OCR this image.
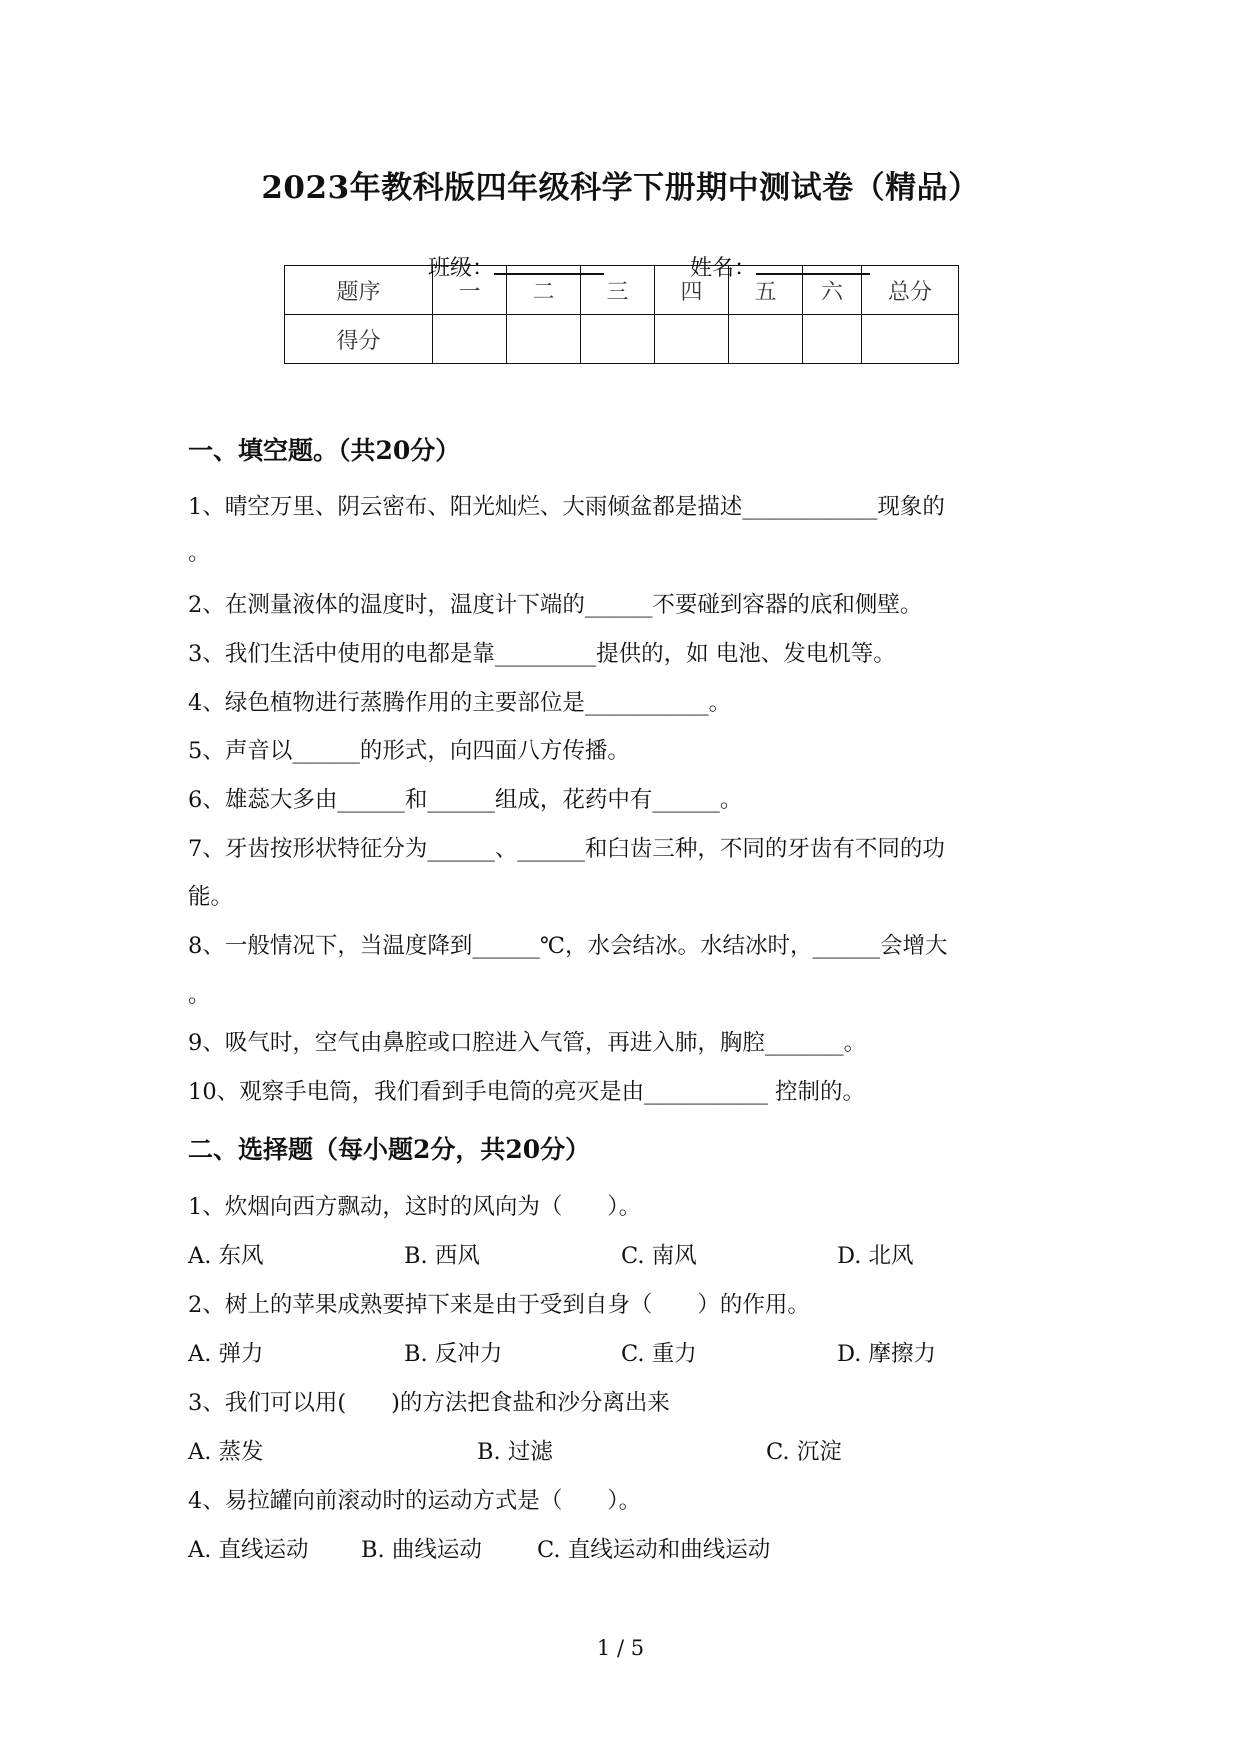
2023年教科版四年级科学下册期中测试卷（精品）

班级：	姓名：

题序	一	二	三	四	五	六	总分
得分							
一、填空题。（共20分）
1、晴空万里、阴云密布、阳光灿烂、大雨倾盆都是描述____________现象的
。
2、在测量液体的温度时，温度计下端的______不要碰到容器的底和侧壁。
3、我们生活中使用的电都是靠_________提供的，如 电池、发电机等。
4、绿色植物进行蒸腾作用的主要部位是___________。
5、声音以______的形式，向四面八方传播。
6、雄蕊大多由______和______组成，花药中有______。
7、牙齿按形状特征分为______、______和臼齿三种，不同的牙齿有不同的功
能。
8、一般情况下，当温度降到______℃，水会结冰。水结冰时，______会增大
。
9、吸气时，空气由鼻腔或口腔进入气管，再进入肺，胸腔_______。
10、观察手电筒，我们看到手电筒的亮灭是由___________ 控制的。
二、选择题（每小题2分，共20分）
1、炊烟向西方飘动，这时的风向为（　　）。
A. 东风	B. 西风	C. 南风	D. 北风
2、树上的苹果成熟要掉下来是由于受到自身（　　）的作用。
A. 弹力	B. 反冲力	C. 重力	D. 摩擦力
3、我们可以用(　　)的方法把食盐和沙分离出来
A. 蒸发	B. 过滤	C. 沉淀
4、易拉罐向前滚动时的运动方式是（　　）。
A. 直线运动 B. 曲线运动 C. 直线运动和曲线运动
1 / 5
